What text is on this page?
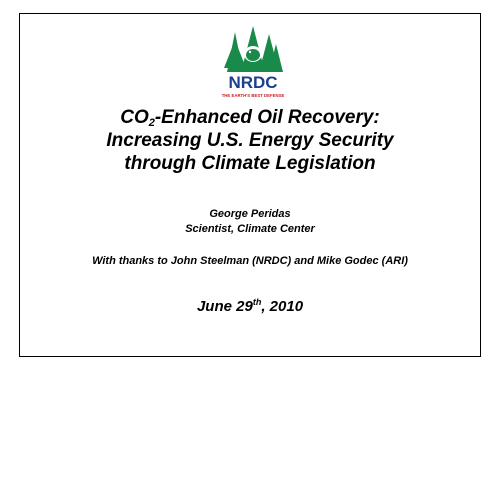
NRDC
THE EARTH'S BEST DEFENSE
$CO_2$-Enhanced Oil Recovery:
Increasing U.S. Energy Security
through Climate Legislation
George Peridas
Scientist, Climate Center
With thanks to John Steelman (NRDC) and Mike Godec (ARI)
June 29th, 2010
